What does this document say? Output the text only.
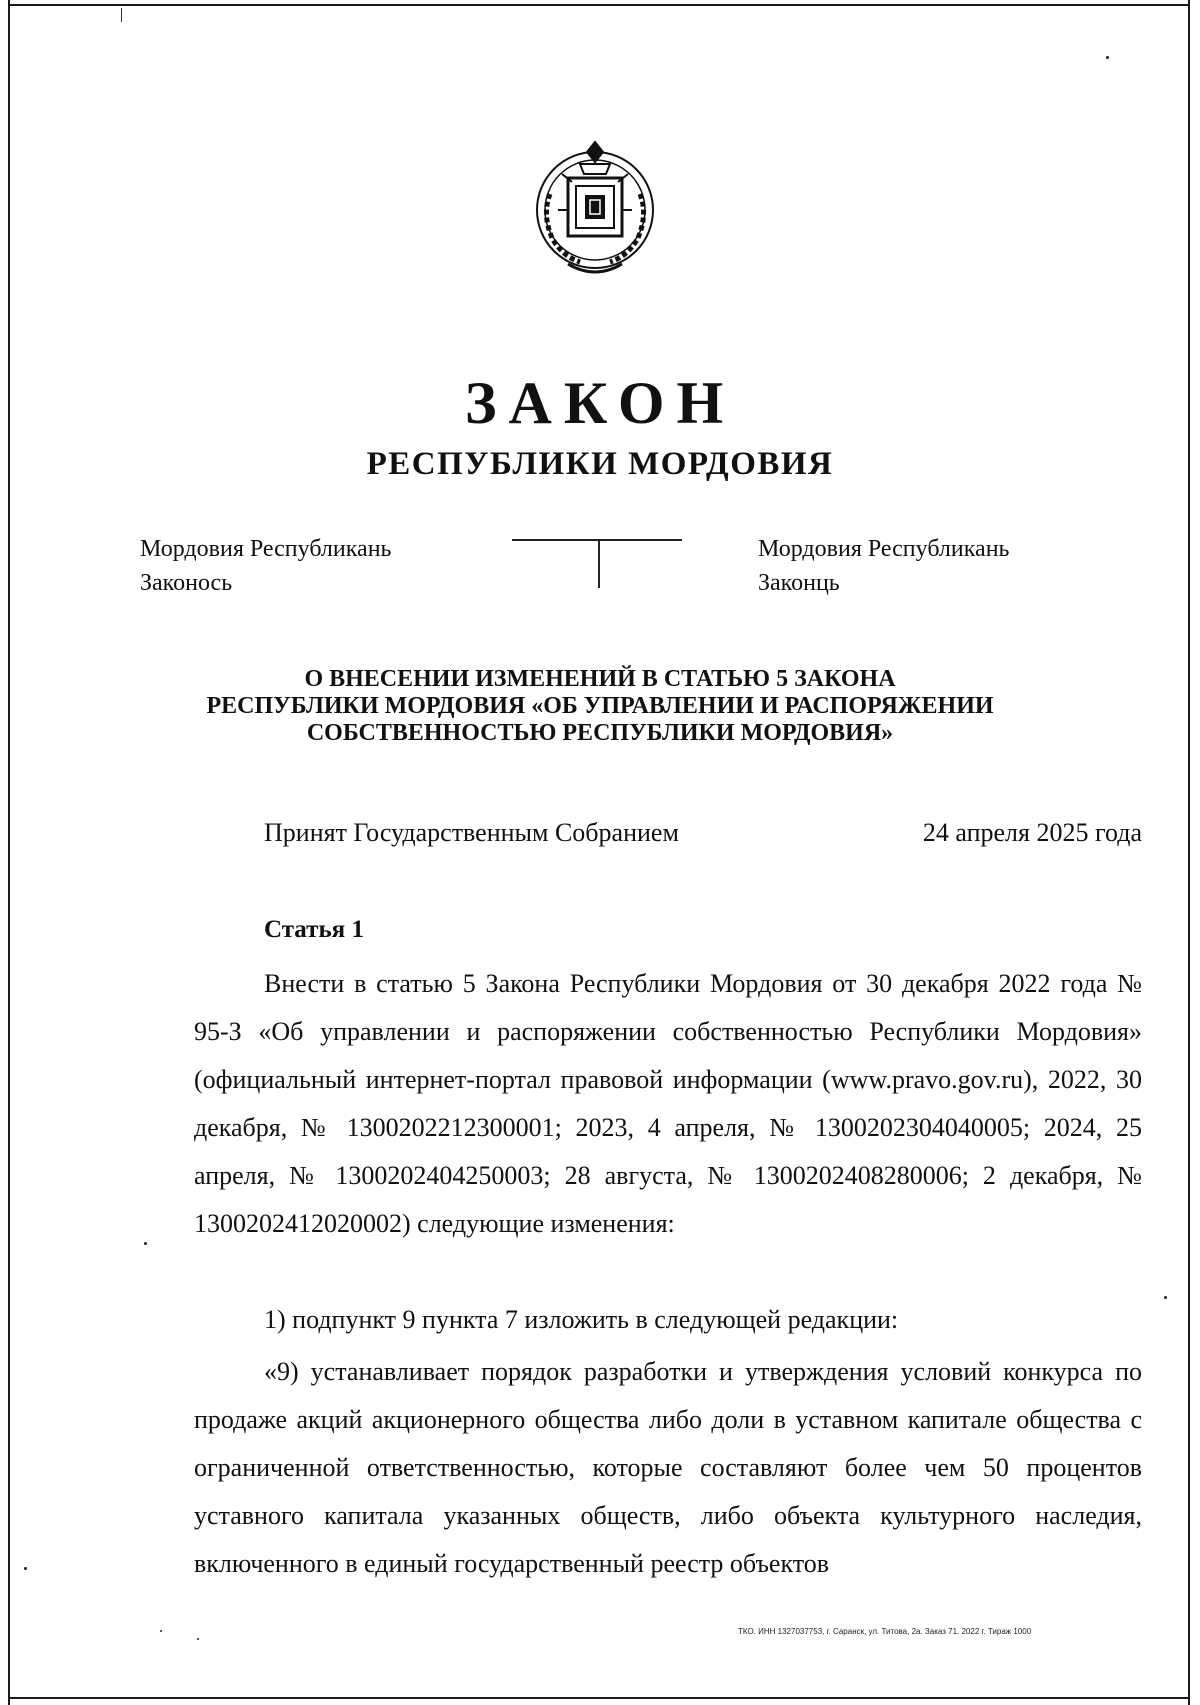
ЗАКОН
РЕСПУБЛИКИ МОРДОВИЯ
Мордовия Республикань
Законось
Мордовия Республикань
Законць
О ВНЕСЕНИИ ИЗМЕНЕНИЙ В СТАТЬЮ 5 ЗАКОНА
РЕСПУБЛИКИ МОРДОВИЯ «ОБ УПРАВЛЕНИИ И РАСПОРЯЖЕНИИ
СОБСТВЕННОСТЬЮ РЕСПУБЛИКИ МОРДОВИЯ»
Принят Государственным Собранием	24 апреля 2025 года
Статья 1
Внести в статью 5 Закона Республики Мордовия от 30 декабря 2022 года № 95-З «Об управлении и распоряжении собственностью Республики Мордовия» (официальный интернет-портал правовой информации (www.pravo.gov.ru), 2022, 30 декабря, № 1300202212300001; 2023, 4 апреля, № 1300202304040005; 2024, 25 апреля, № 1300202404250003; 28 августа, № 1300202408280006; 2 декабря, № 1300202412020002) следующие изменения:
1) подпункт 9 пункта 7 изложить в следующей редакции:
«9) устанавливает порядок разработки и утверждения условий конкурса по продаже акций акционерного общества либо доли в уставном капитале общества с ограниченной ответственностью, которые составляют более чем 50 процентов уставного капитала указанных обществ, либо объекта культурного наследия, включенного в единый государственный реестр объектов
ТКО. ИНН 1327037753, г. Саранск, ул. Титова, 2а. Заказ 71. 2022 г. Тираж 1000
